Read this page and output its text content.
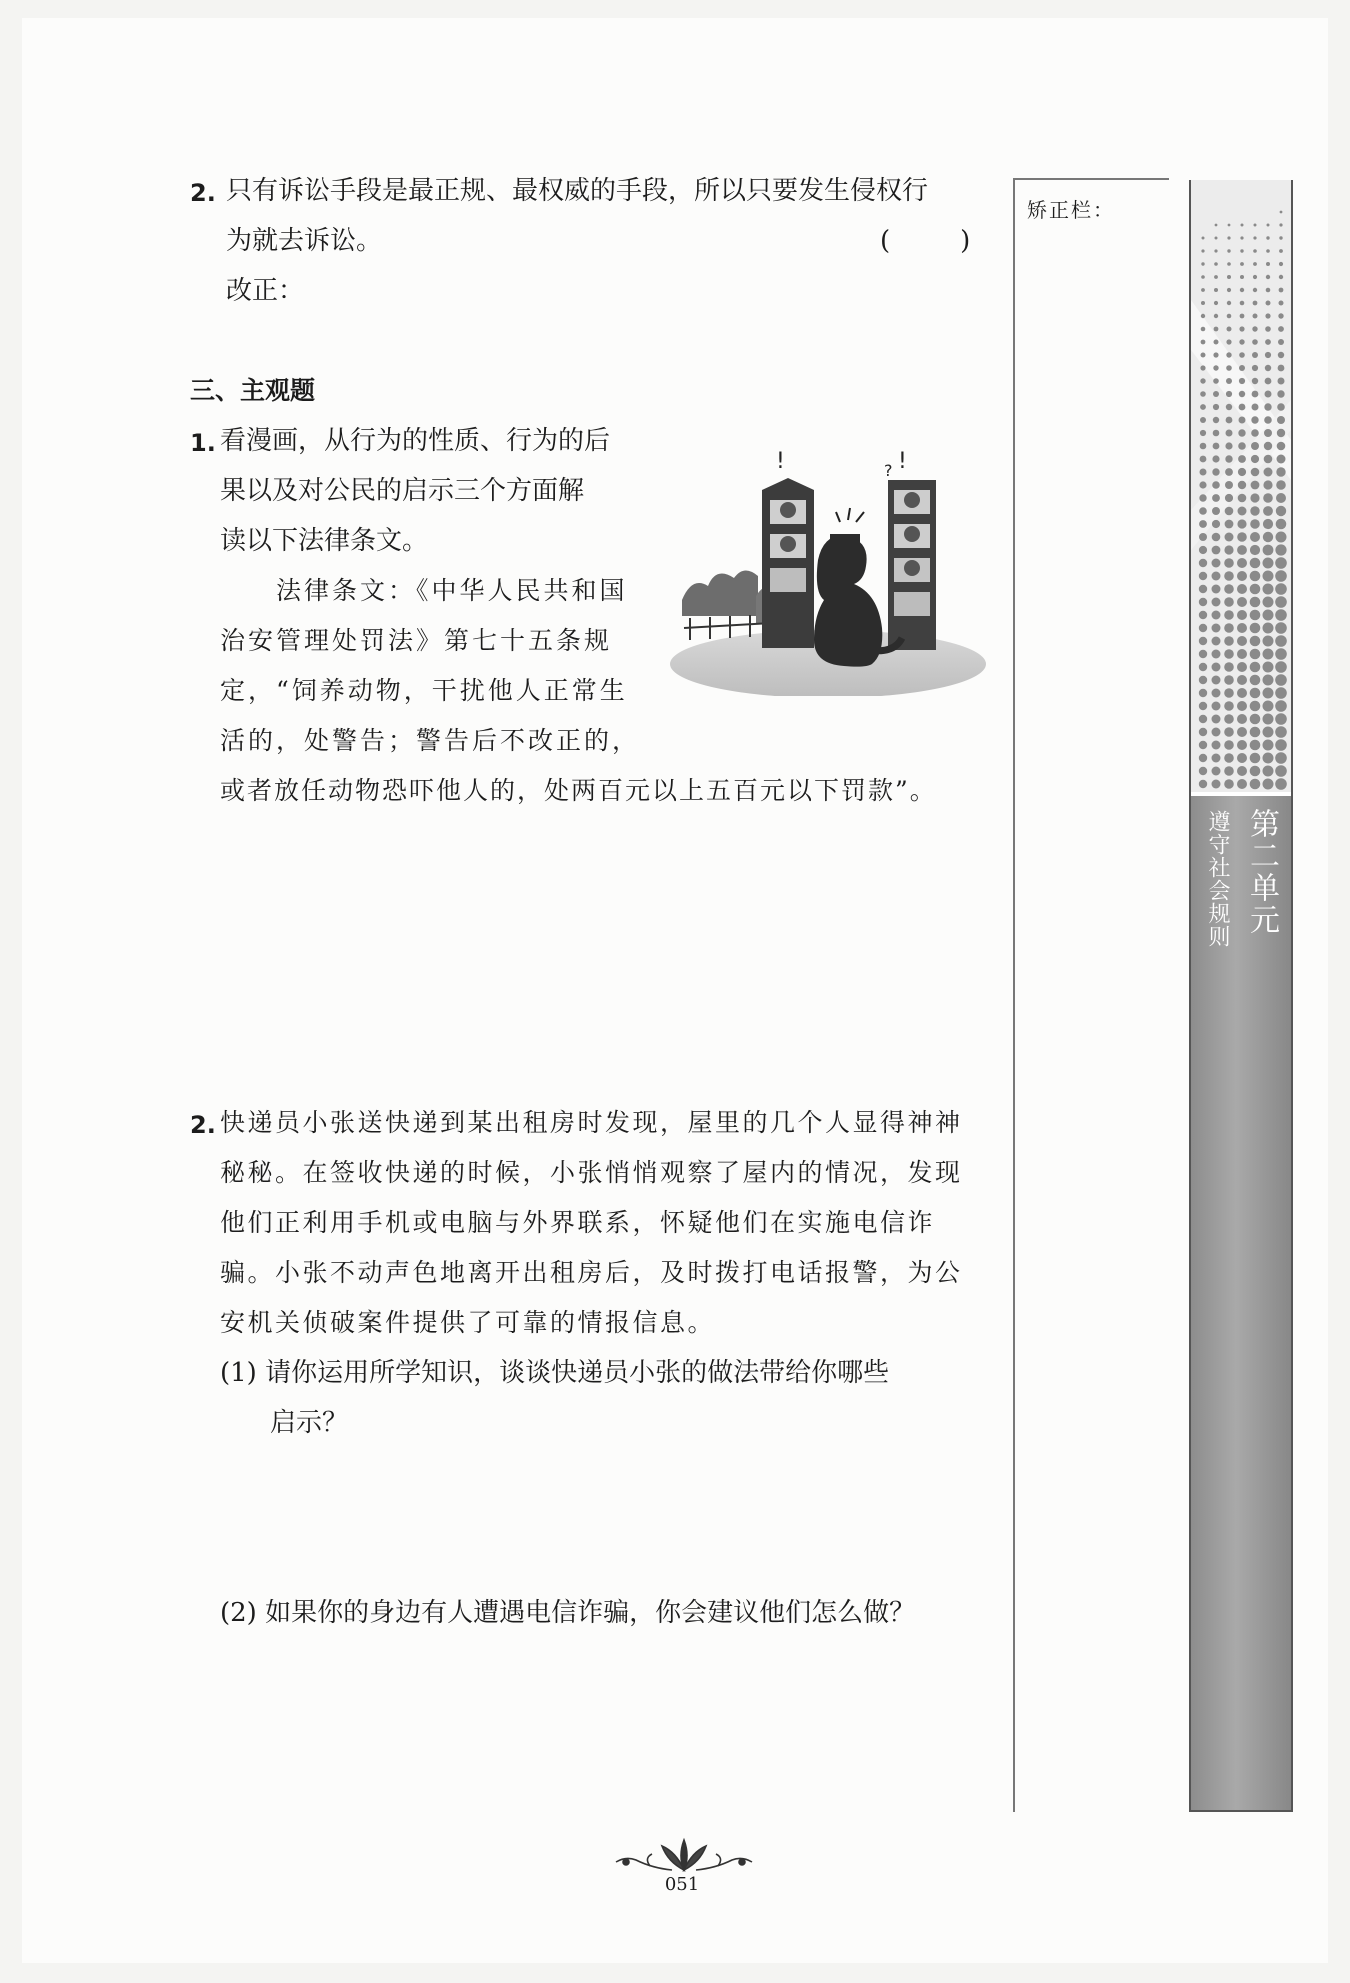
2. 只有诉讼手段是最正规、最权威的手段，所以只要发生侵权行
为就去诉讼。	(　　)
改正：
三、主观题
1. 看漫画，从行为的性质、行为的后
果以及对公民的启示三个方面解
读以下法律条文。
法律条文：《中华人民共和国
治安管理处罚法》第七十五条规
定，“饲养动物，干扰他人正常生
活的，处警告；警告后不改正的，
或者放任动物恐吓他人的，处两百元以上五百元以下罚款”。
!	!
?
2. 快递员小张送快递到某出租房时发现，屋里的几个人显得神神
秘秘。在签收快递的时候，小张悄悄观察了屋内的情况，发现
他们正利用手机或电脑与外界联系，怀疑他们在实施电信诈
骗。小张不动声色地离开出租房后，及时拨打电话报警，为公
安机关侦破案件提供了可靠的情报信息。
(1) 请你运用所学知识，谈谈快递员小张的做法带给你哪些
启示？
(2) 如果你的身边有人遭遇电信诈骗，你会建议他们怎么做？
矫正栏：
第二单元
遵守社会规则
051
